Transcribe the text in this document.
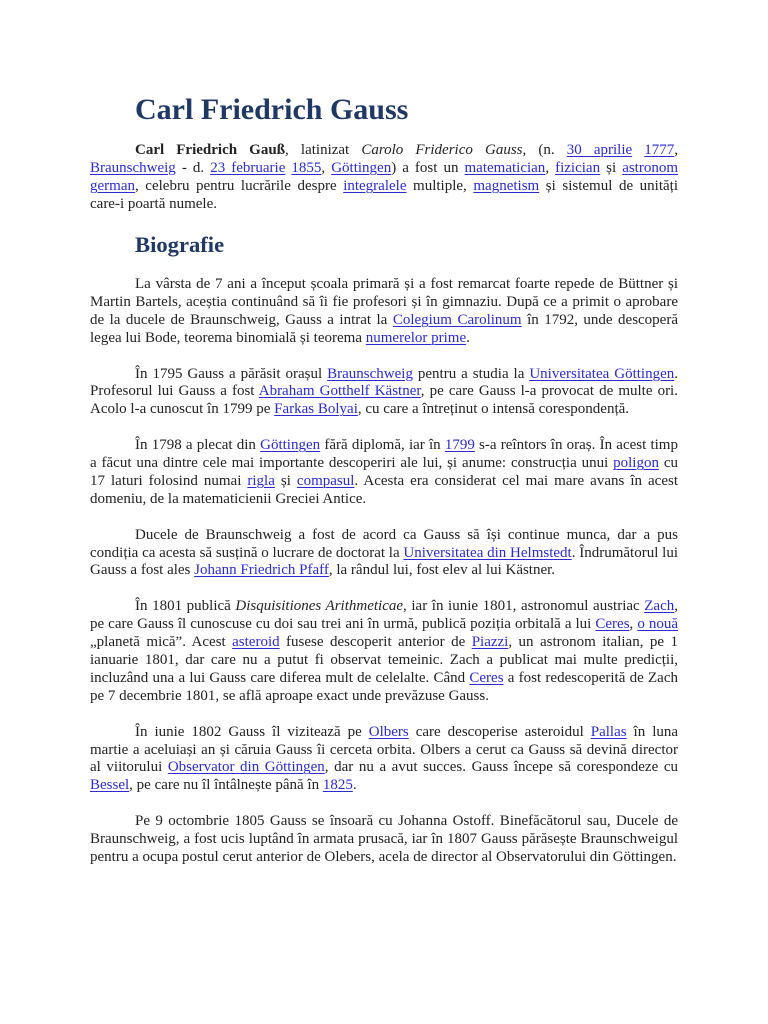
Carl Friedrich Gauss

Carl Friedrich Gauß, latinizat Carolo Friderico Gauss, (n. 30 aprilie 1777, Braunschweig - d. 23 februarie 1855, Göttingen) a fost un matematician, fizician și astronom german, celebru pentru lucrările despre integralele multiple, magnetism și sistemul de unități care-i poartă numele.

Biografie

La vârsta de 7 ani a început școala primară și a fost remarcat foarte repede de Büttner și Martin Bartels, aceștia continuând să îi fie profesori și în gimnaziu. După ce a primit o aprobare de la ducele de Braunschweig, Gauss a intrat la Colegium Carolinum în 1792, unde descoperă legea lui Bode, teorema binomială și teorema numerelor prime.

În 1795 Gauss a părăsit orașul Braunschweig pentru a studia la Universitatea Göttingen. Profesorul lui Gauss a fost Abraham Gotthelf Kästner, pe care Gauss l-a provocat de multe ori. Acolo l-a cunoscut în 1799 pe Farkas Bolyai, cu care a întreținut o intensă corespondență.

În 1798 a plecat din Göttingen fără diplomă, iar în 1799 s-a reîntors în oraș. În acest timp a făcut una dintre cele mai importante descoperiri ale lui, și anume: construcția unui poligon cu 17 laturi folosind numai rigla și compasul. Acesta era considerat cel mai mare avans în acest domeniu, de la matematicienii Greciei Antice.

Ducele de Braunschweig a fost de acord ca Gauss să își continue munca, dar a pus condiția ca acesta să susțină o lucrare de doctorat la Universitatea din Helmstedt. Îndrumătorul lui Gauss a fost ales Johann Friedrich Pfaff, la rândul lui, fost elev al lui Kästner.

În 1801 publică Disquisitiones Arithmeticae, iar în iunie 1801, astronomul austriac Zach, pe care Gauss îl cunoscuse cu doi sau trei ani în urmă, publică poziția orbitală a lui Ceres, o nouă „planetă mică”. Acest asteroid fusese descoperit anterior de Piazzi, un astronom italian, pe 1 ianuarie 1801, dar care nu a putut fi observat temeinic. Zach a publicat mai multe predicții, incluzând una a lui Gauss care diferea mult de celelalte. Când Ceres a fost redescoperită de Zach pe 7 decembrie 1801, se află aproape exact unde prevăzuse Gauss.

În iunie 1802 Gauss îl vizitează pe Olbers care descoperise asteroidul Pallas în luna martie a aceluiași an și căruia Gauss îi cerceta orbita. Olbers a cerut ca Gauss să devină director al viitorului Observator din Göttingen, dar nu a avut succes. Gauss începe să corespondeze cu Bessel, pe care nu îl întâlnește până în 1825.

Pe 9 octombrie 1805 Gauss se însoară cu Johanna Ostoff. Binefăcătorul sau, Ducele de Braunschweig, a fost ucis luptând în armata prusacă, iar în 1807 Gauss părăsește Braunschweigul pentru a ocupa postul cerut anterior de Olebers, acela de director al Observatorului din Göttingen.
